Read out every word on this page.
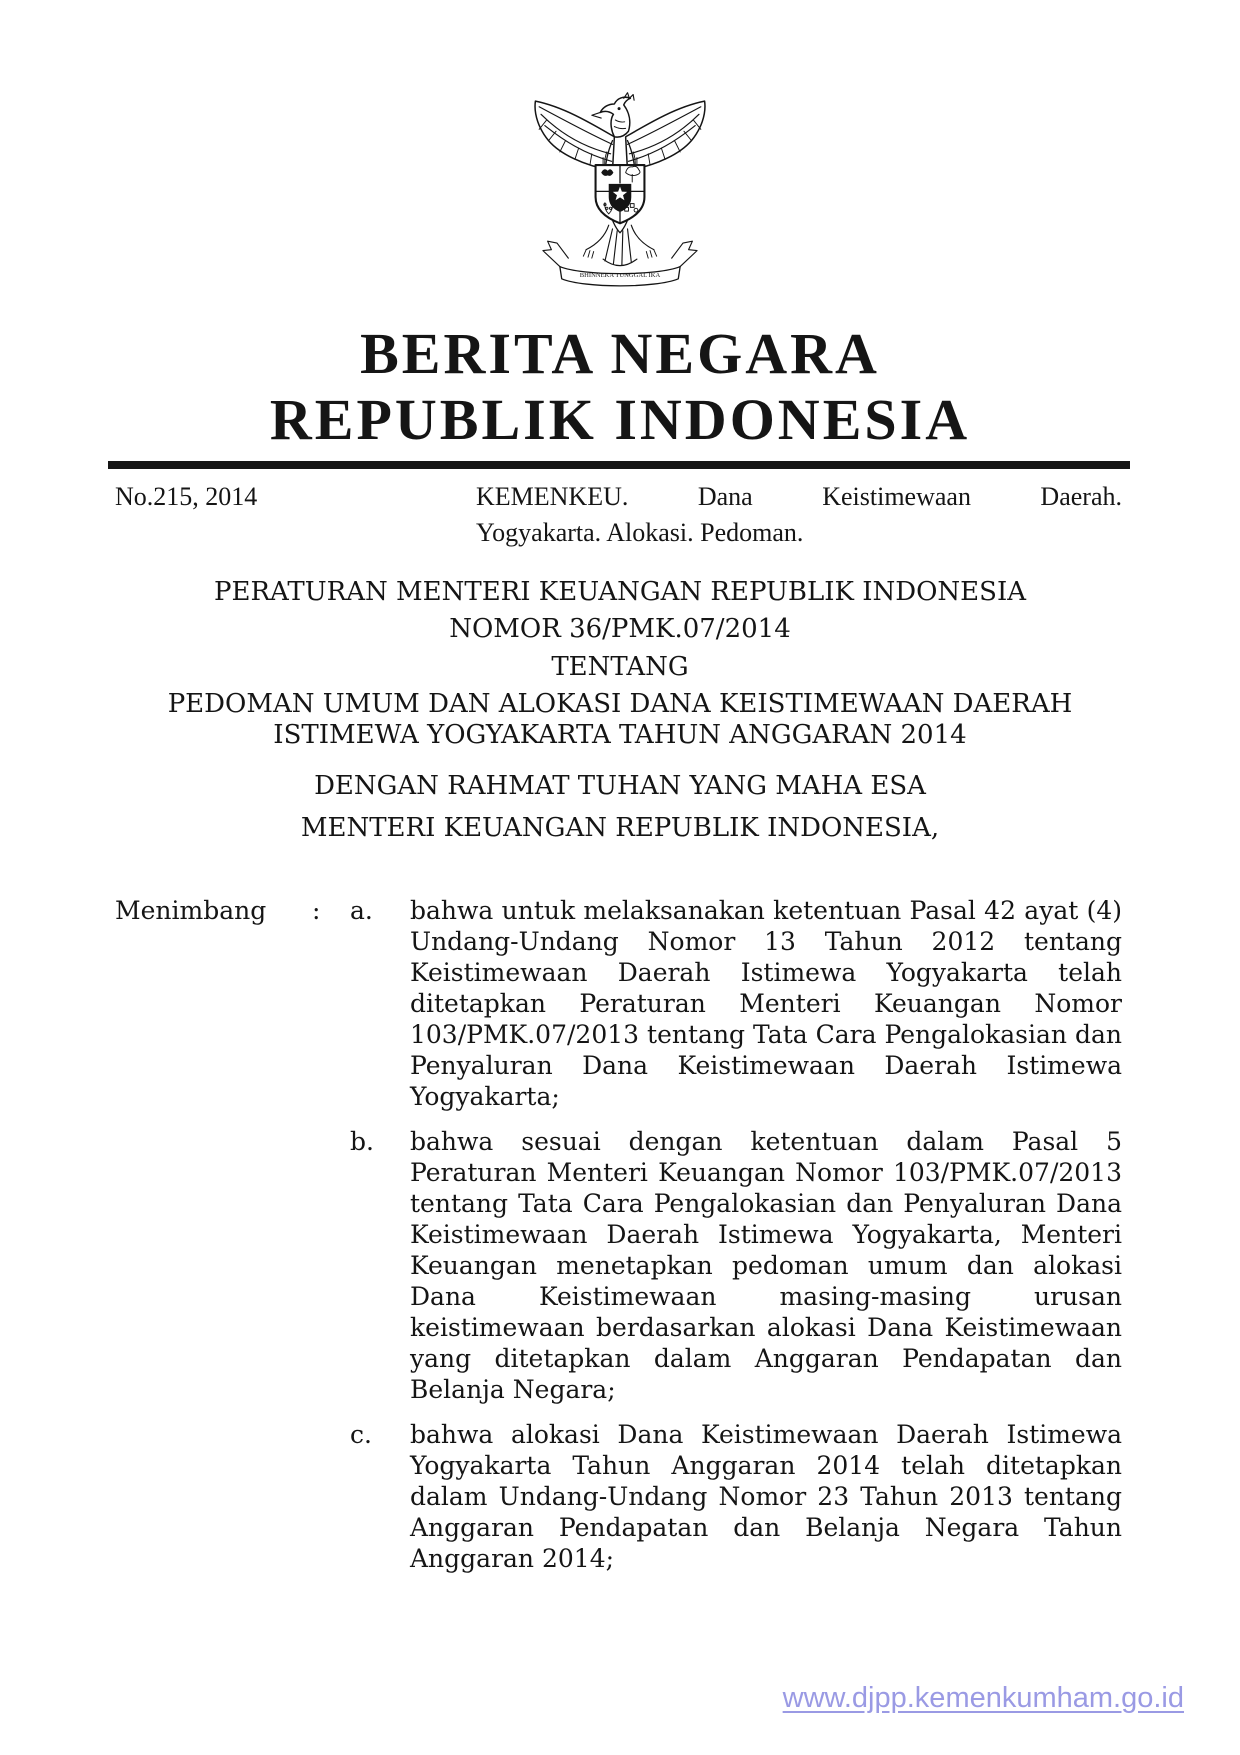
BHINNEKA TUNGGAL IKA
BERITA NEGARA
REPUBLIK INDONESIA
No.215, 2014	KEMENKEU. Dana Keistimewaan Daerah.
Yogyakarta. Alokasi. Pedoman.
PERATURAN MENTERI KEUANGAN REPUBLIK INDONESIA
NOMOR 36/PMK.07/2014
TENTANG
PEDOMAN UMUM DAN ALOKASI DANA KEISTIMEWAAN DAERAH
ISTIMEWA YOGYAKARTA TAHUN ANGGARAN 2014
DENGAN RAHMAT TUHAN YANG MAHA ESA
MENTERI KEUANGAN REPUBLIK INDONESIA,
Menimbang	:	a.	bahwa untuk melaksanakan ketentuan Pasal 42 ayat (4) Undang-Undang Nomor 13 Tahun 2012 tentang Keistimewaan Daerah Istimewa Yogyakarta telah ditetapkan Peraturan Menteri Keuangan Nomor 103/PMK.07/2013 tentang Tata Cara Pengalokasian dan Penyaluran Dana Keistimewaan Daerah Istimewa Yogyakarta;
b.	bahwa sesuai dengan ketentuan dalam Pasal 5 Peraturan Menteri Keuangan Nomor 103/PMK.07/2013 tentang Tata Cara Pengalokasian dan Penyaluran Dana Keistimewaan Daerah Istimewa Yogyakarta, Menteri Keuangan menetapkan pedoman umum dan alokasi Dana Keistimewaan masing-masing urusan keistimewaan berdasarkan alokasi Dana Keistimewaan yang ditetapkan dalam Anggaran Pendapatan dan Belanja Negara;
c.	bahwa alokasi Dana Keistimewaan Daerah Istimewa Yogyakarta Tahun Anggaran 2014 telah ditetapkan dalam Undang-Undang Nomor 23 Tahun 2013 tentang Anggaran Pendapatan dan Belanja Negara Tahun Anggaran 2014;
www.djpp.kemenkumham.go.id
